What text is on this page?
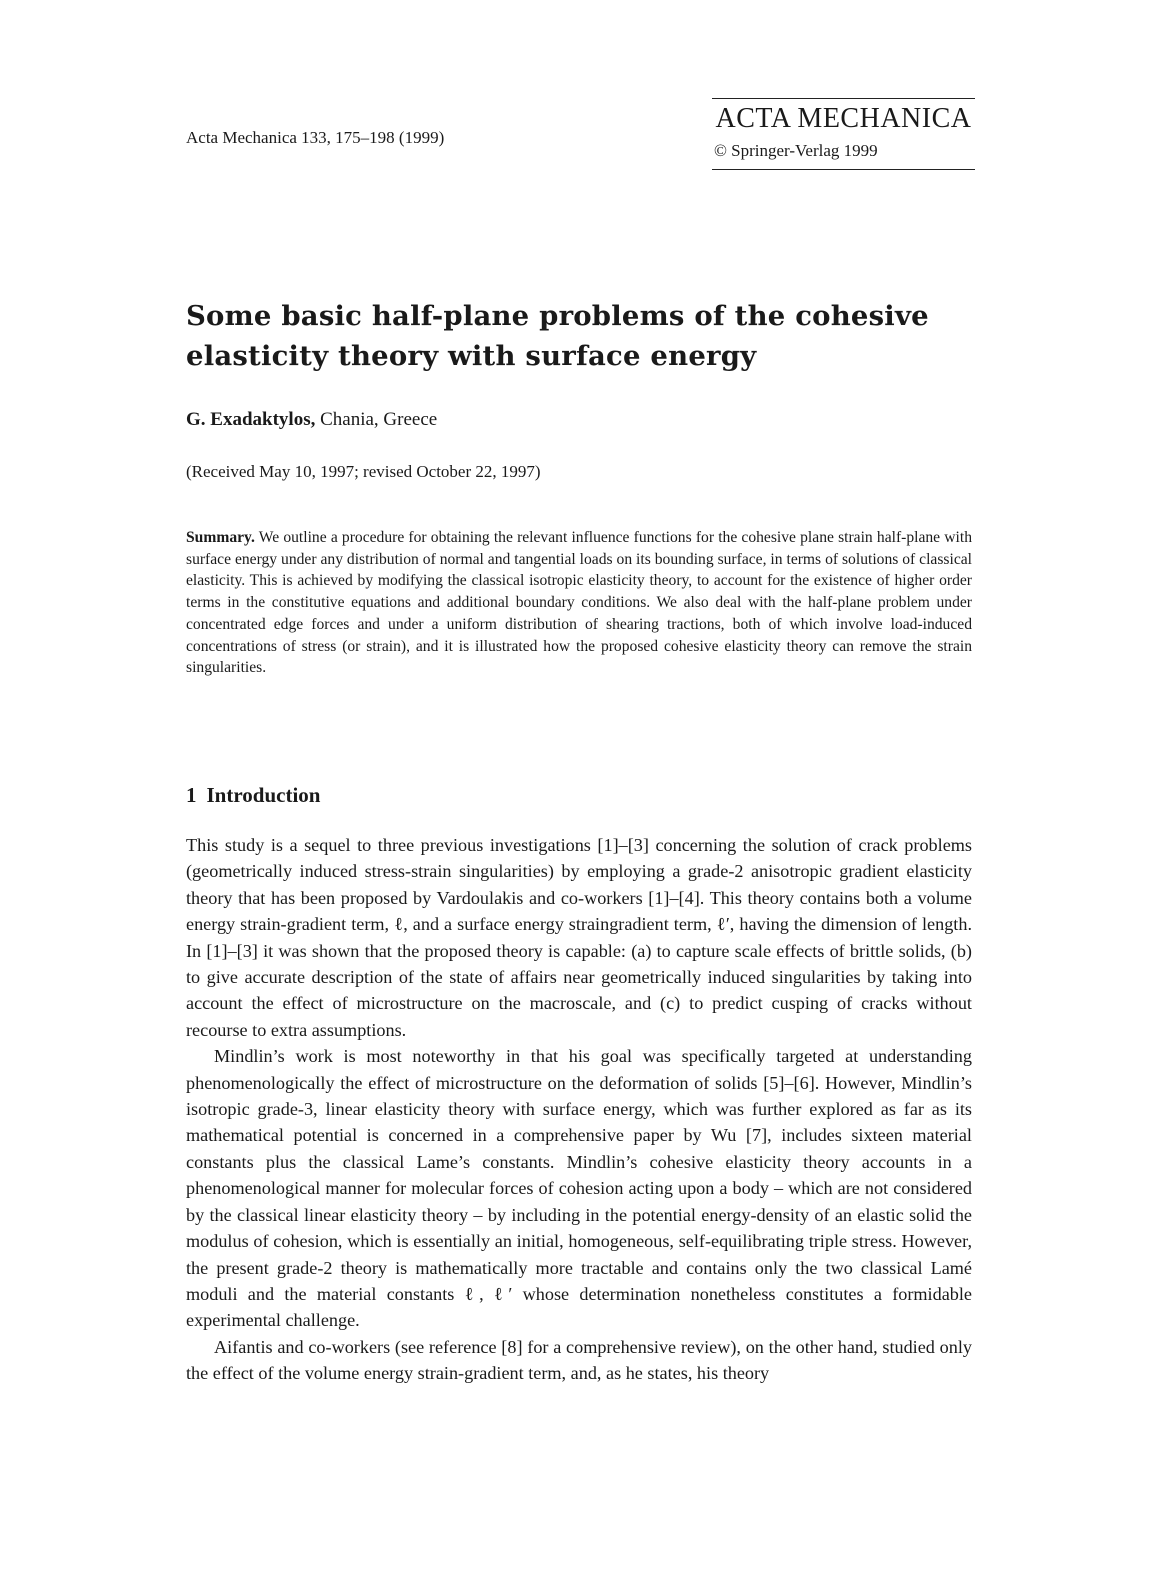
Acta Mechanica 133, 175–198 (1999)
ACTA MECHANICA
© Springer-Verlag 1999
Some basic half-plane problems of the cohesive elasticity theory with surface energy
G. Exadaktylos, Chania, Greece
(Received May 10, 1997; revised October 22, 1997)

Summary. We outline a procedure for obtaining the relevant influence functions for the cohesive plane strain half-plane with surface energy under any distribution of normal and tangential loads on its bounding surface, in terms of solutions of classical elasticity. This is achieved by modifying the classical isotropic elasticity theory, to account for the existence of higher order terms in the constitutive equations and additional boundary conditions. We also deal with the half-plane problem under concentrated edge forces and under a uniform distribution of shearing tractions, both of which involve load-induced concentrations of stress (or strain), and it is illustrated how the proposed cohesive elasticity theory can remove the strain singularities.

1 Introduction

This study is a sequel to three previous investigations [1]–[3] concerning the solution of crack problems (geometrically induced stress-strain singularities) by employing a grade-2 anisotropic gradient elasticity theory that has been proposed by Vardoulakis and co-workers [1]–[4]. This theory contains both a volume energy strain-gradient term, ℓ, and a surface energy straingradient term, ℓ′, having the dimension of length. In [1]–[3] it was shown that the proposed theory is capable: (a) to capture scale effects of brittle solids, (b) to give accurate description of the state of affairs near geometrically induced singularities by taking into account the effect of microstructure on the macroscale, and (c) to predict cusping of cracks without recourse to extra assumptions.

Mindlin’s work is most noteworthy in that his goal was specifically targeted at understanding phenomenologically the effect of microstructure on the deformation of solids [5]–[6]. However, Mindlin’s isotropic grade-3, linear elasticity theory with surface energy, which was further explored as far as its mathematical potential is concerned in a comprehensive paper by Wu [7], includes sixteen material constants plus the classical Lame’s constants. Mindlin’s cohesive elasticity theory accounts in a phenomenological manner for molecular forces of cohesion acting upon a body – which are not considered by the classical linear elasticity theory – by including in the potential energy-density of an elastic solid the modulus of cohesion, which is essentially an initial, homogeneous, self-equilibrating triple stress. However, the present grade-2 theory is mathematically more tractable and contains only the two classical Lamé moduli and the material constants ℓ, ℓ′ whose determination nonetheless constitutes a formidable experimental challenge.

Aifantis and co-workers (see reference [8] for a comprehensive review), on the other hand, studied only the effect of the volume energy strain-gradient term, and, as he states, his theory
